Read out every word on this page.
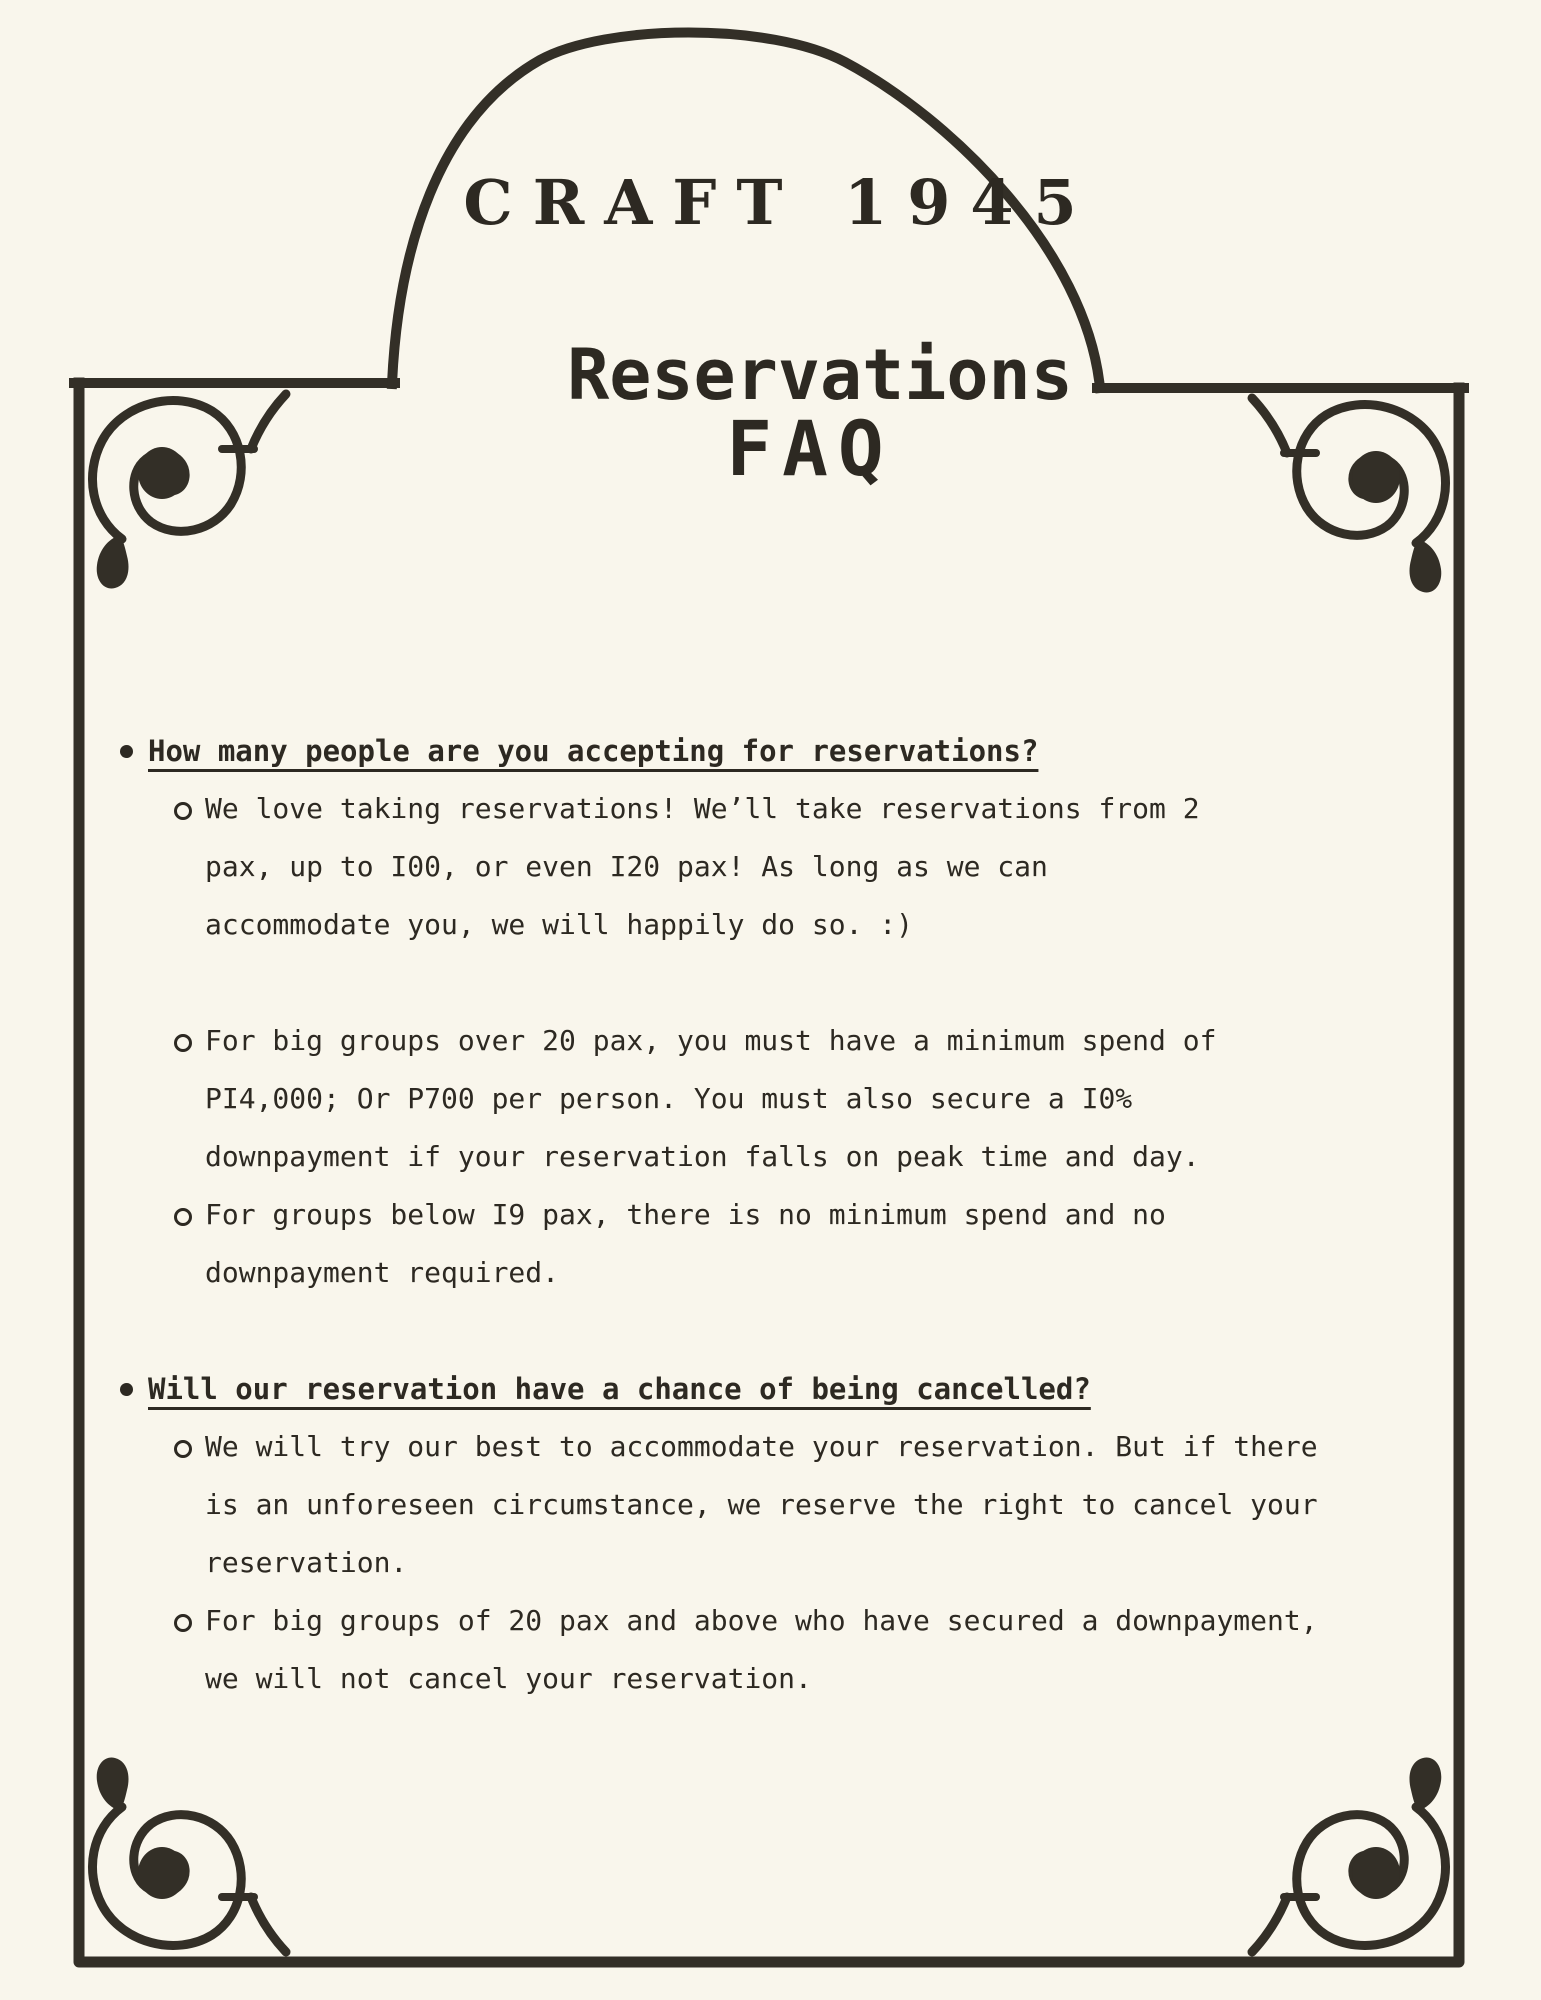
CRAFT 1945
Reservations
FAQ
How many people are you accepting for reservations?
We love taking reservations! We’ll take reservations from 2
pax, up to I00, or even I20 pax! As long as we can
accommodate you, we will happily do so. :)
For big groups over 20 pax, you must have a minimum spend of
PI4,000; Or P700 per person. You must also secure a I0%
downpayment if your reservation falls on peak time and day.
For groups below I9 pax, there is no minimum spend and no
downpayment required.
Will our reservation have a chance of being cancelled?
We will try our best to accommodate your reservation. But if there
is an unforeseen circumstance, we reserve the right to cancel your
reservation.
For big groups of 20 pax and above who have secured a downpayment,
we will not cancel your reservation.
